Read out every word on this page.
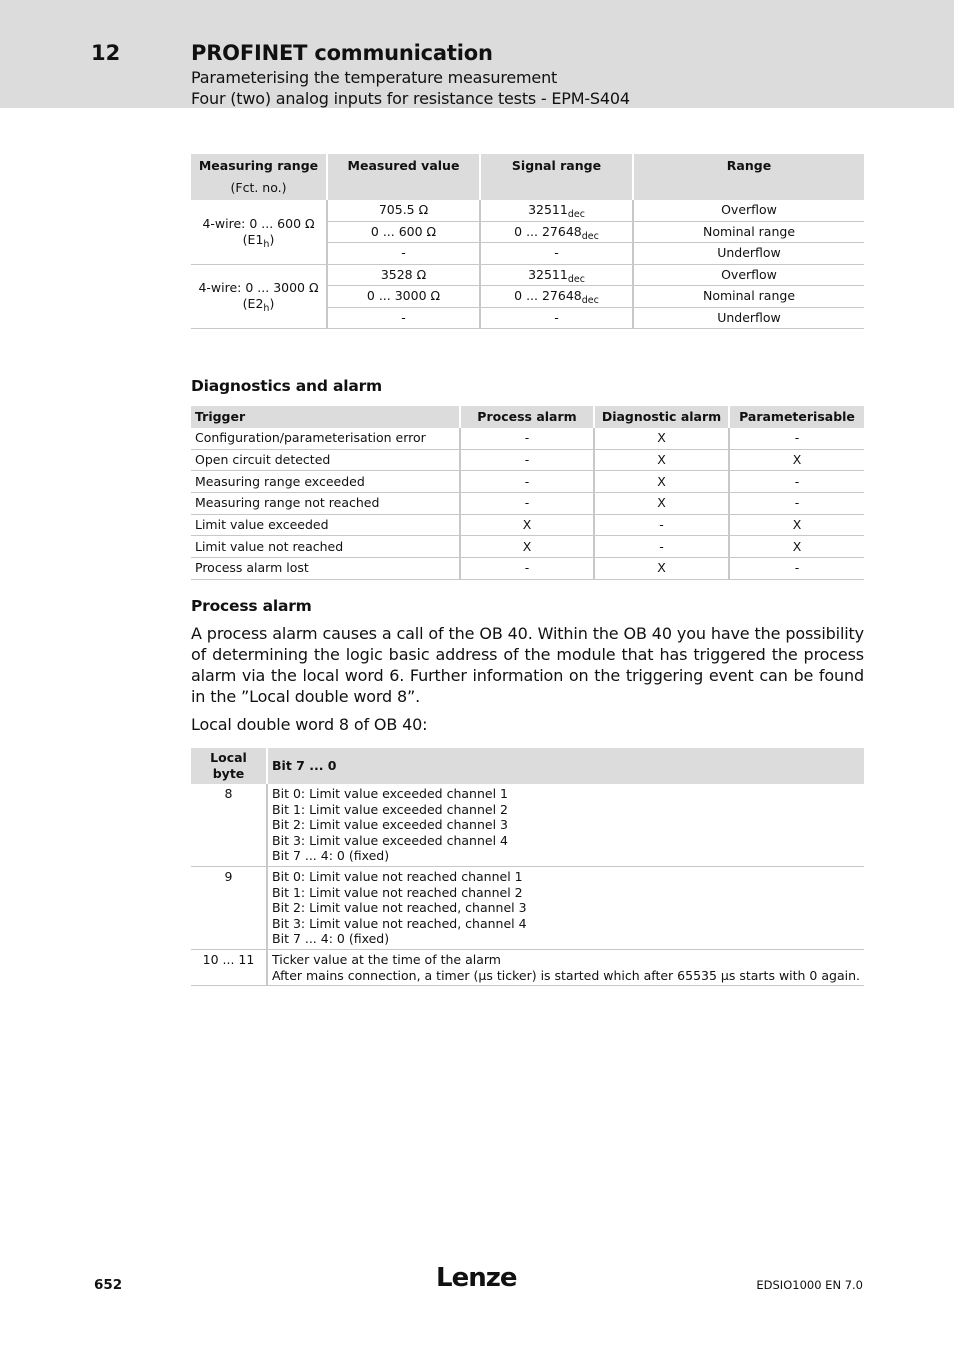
12	PROFINET communication
Parameterising the temperature measurement
Four (two) analog inputs for resistance tests - EPM-S404
Measuring range
(Fct. no.)	Measured value	Signal range	Range

4-wire: 0 ... 600 Ω
$(E1_h)$	705.5 Ω	$32511_{dec}$	Overflow
	0 ... 600 Ω	0 ... $27648_{dec}$	Nominal range
	-	-	Underflow

4-wire: 0 ... 3000 Ω
$(E2_h)$	3528 Ω	$32511_{dec}$	Overflow
	0 ... 3000 Ω	0 ... $27648_{dec}$	Nominal range
	-	-	Underflow
Diagnostics and alarm
Trigger	Process alarm	Diagnostic alarm	Parameterisable
Configuration/parameterisation error	-	X	-
Open circuit detected	-	X	X
Measuring range exceeded	-	X	-
Measuring range not reached	-	X	-
Limit value exceeded	X	-	X
Limit value not reached	X	-	X
Process alarm lost	-	X	-
Process alarm
A process alarm causes a call of the OB 40. Within the OB 40 you have the possibility of determining the logic basic address of the module that has triggered the process alarm via the local word 6. Further information on the triggering event can be found in the ”Local double word 8”.
Local double word 8 of OB 40:
Local byte	Bit 7 ... 0
8	Bit 0: Limit value exceeded channel 1
Bit 1: Limit value exceeded channel 2
Bit 2: Limit value exceeded channel 3
Bit 3: Limit value exceeded channel 4
Bit 7 ... 4: 0 (fixed)

9	Bit 0: Limit value not reached channel 1
Bit 1: Limit value not reached channel 2
Bit 2: Limit value not reached, channel 3
Bit 3: Limit value not reached, channel 4
Bit 7 ... 4: 0 (fixed)

10 ... 11	Ticker value at the time of the alarm
After mains connection, a timer (µs ticker) is started which after 65535 µs starts with 0 again.
652	Lenze	EDSIO1000 EN 7.0
